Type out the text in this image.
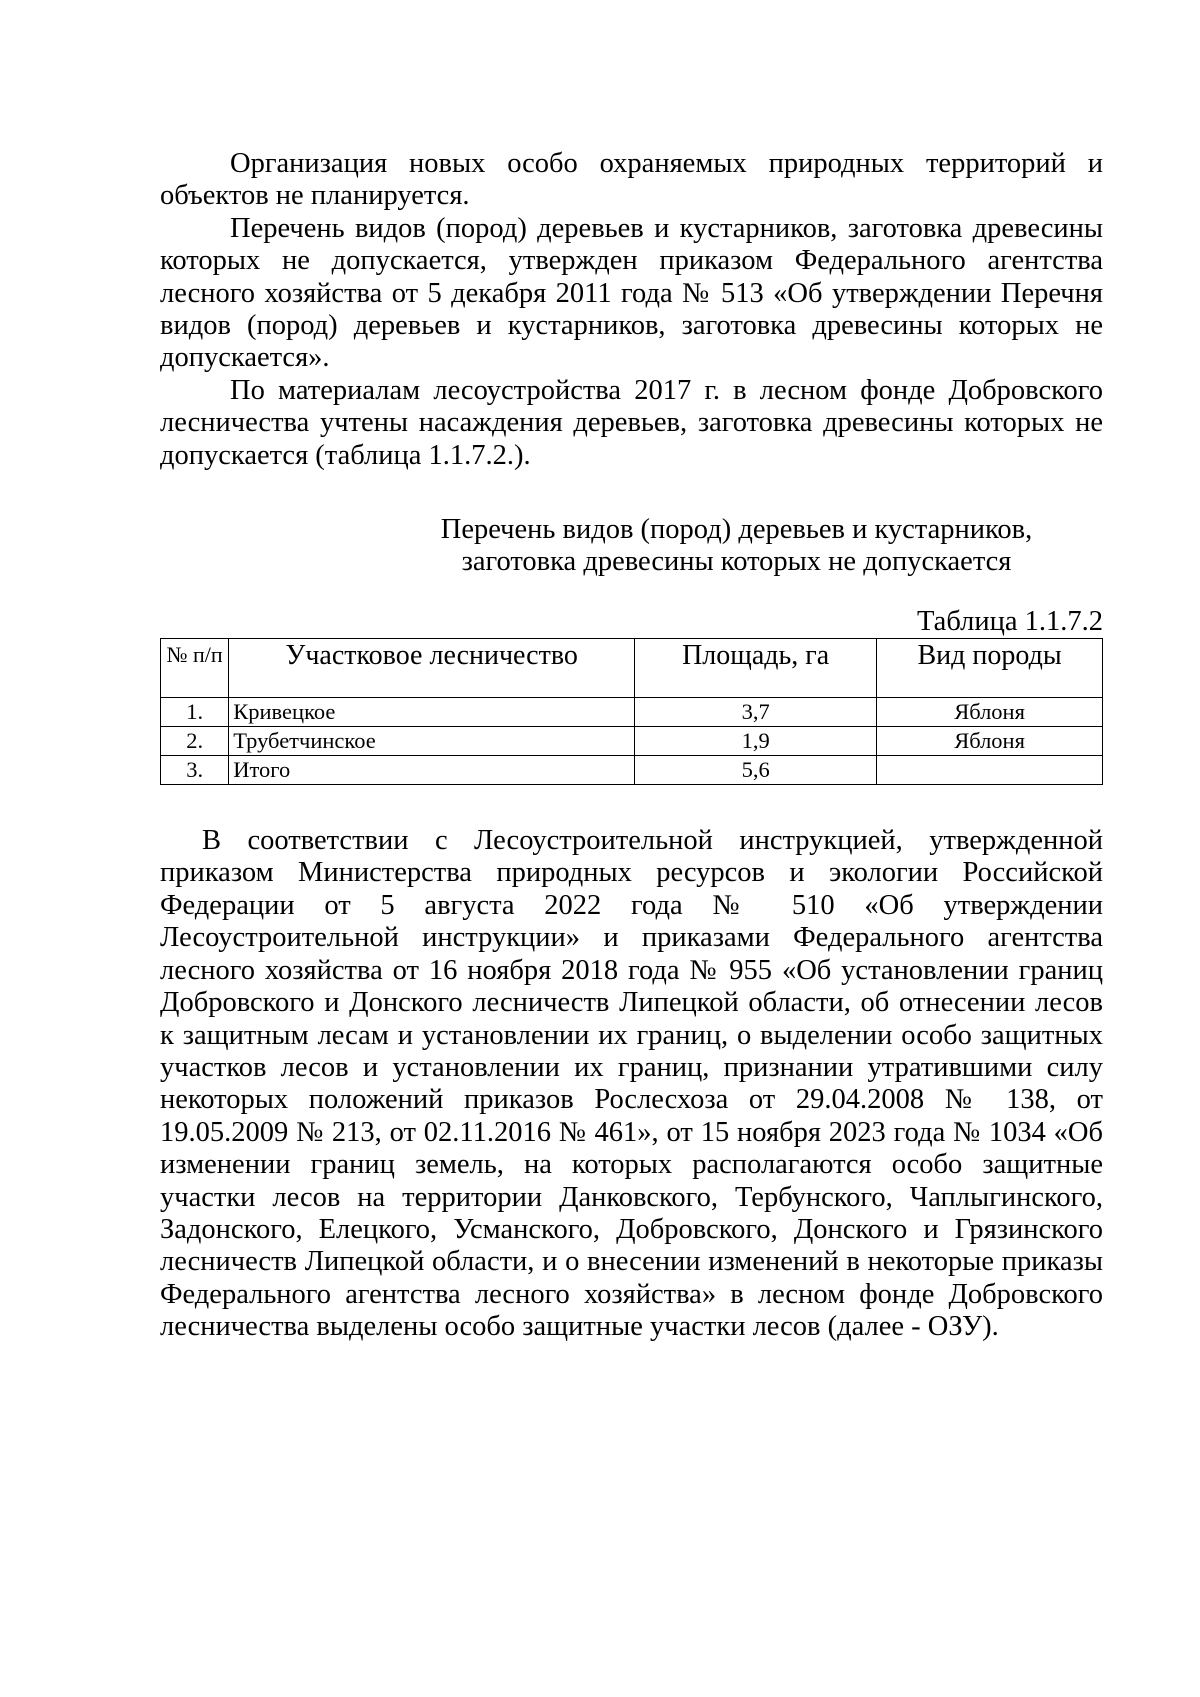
Организация новых особо охраняемых природных территорий и объектов не планируется.

Перечень видов (пород) деревьев и кустарников, заготовка древесины которых не допускается, утвержден приказом Федерального агентства лесного хозяйства от 5 декабря 2011 года № 513 «Об утверждении Перечня видов (пород) деревьев и кустарников, заготовка древесины которых не допускается».

По материалам лесоустройства 2017 г. в лесном фонде Добровского лесничества учтены насаждения деревьев, заготовка древесины которых не допускается (таблица 1.1.7.2.).

Перечень видов (пород) деревьев и кустарников,
заготовка древесины которых не допускается
Таблица 1.1.7.2
№ п/п	Участковое лесничество	Площадь, га	Вид породы
1.	Кривецкое	3,7	Яблоня
2.	Трубетчинское	1,9	Яблоня
3.	Итого	5,6	

В соответствии с Лесоустроительной инструкцией, утвержденной приказом Министерства природных ресурсов и экологии Российской Федерации от 5 августа 2022 года № 510 «Об утверждении Лесоустроительной инструкции» и приказами Федерального агентства лесного хозяйства от 16 ноября 2018 года № 955 «Об установлении границ Добровского и Донского лесничеств Липецкой области, об отнесении лесов к защитным лесам и установлении их границ, о выделении особо защитных участков лесов и установлении их границ, признании утратившими силу некоторых положений приказов Рослесхоза от 29.04.2008 № 138, от 19.05.2009 № 213, от 02.11.2016 № 461», от 15 ноября 2023 года № 1034 «Об изменении границ земель, на которых располагаются особо защитные участки лесов на территории Данковского, Тербунского, Чаплыгинского, Задонского, Елецкого, Усманского, Добровского, Донского и Грязинского лесничеств Липецкой области, и о внесении изменений в некоторые приказы Федерального агентства лесного хозяйства» в лесном фонде Добровского лесничества выделены особо защитные участки лесов (далее - ОЗУ).
